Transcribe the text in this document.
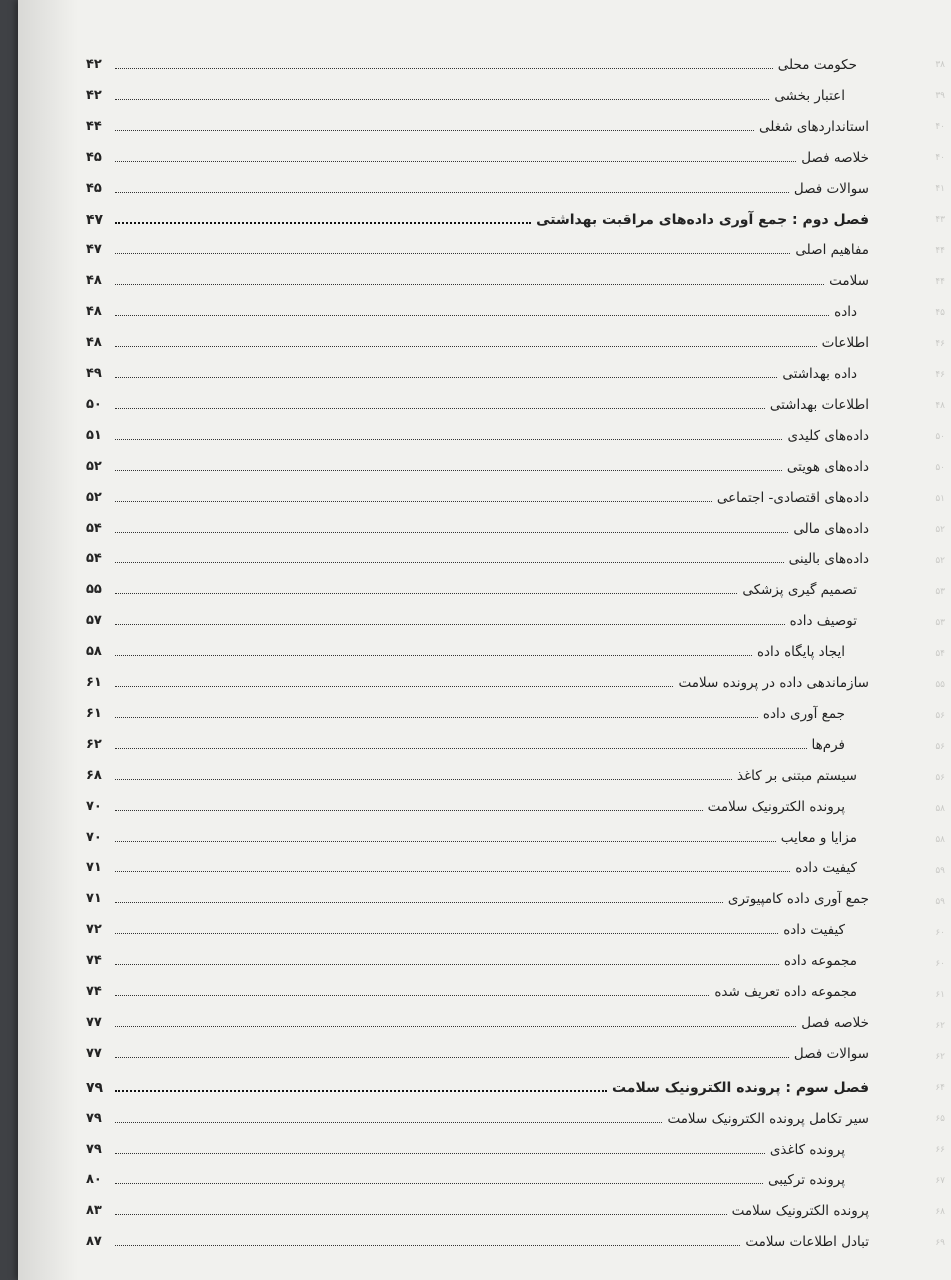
حکومت محلی
۴۲
اعتبار بخشی
۴۲
استانداردهای شغلی
۴۴
خلاصه فصل
۴۵
سوالات فصل
۴۵
فصل دوم : جمع آوری داده‌های مراقبت بهداشتی
۴۷
مفاهیم اصلی
۴۷
سلامت
۴۸
داده
۴۸
اطلاعات
۴۸
داده بهداشتی
۴۹
اطلاعات بهداشتی
۵۰
داده‌های کلیدی
۵۱
داده‌های هویتی
۵۲
داده‌های اقتصادی- اجتماعی
۵۲
داده‌های مالی
۵۴
داده‌های بالینی
۵۴
تصمیم گیری پزشکی
۵۵
توصیف داده
۵۷
ایجاد پایگاه داده
۵۸
سازماندهی داده در پرونده سلامت
۶۱
جمع آوری داده
۶۱
فرم‌ها
۶۲
سیستم مبتنی بر کاغذ
۶۸
پرونده الکترونیک سلامت
۷۰
مزایا و معایب
۷۰
کیفیت داده
۷۱
جمع آوری داده کامپیوتری
۷۱
کیفیت داده
۷۲
مجموعه داده
۷۴
مجموعه داده تعریف شده
۷۴
خلاصه فصل
۷۷
سوالات فصل
۷۷
فصل سوم : پرونده الکترونیک سلامت
۷۹
سیر تکامل پرونده الکترونیک سلامت
۷۹
پرونده کاغذی
۷۹
پرونده ترکیبی
۸۰
پرونده الکترونیک سلامت
۸۳
تبادل اطلاعات سلامت
۸۷
۳۸
۳۹
۴۰
۴۰
۴۱
۴۳
۴۴
۴۴
۴۵
۴۶
۴۶
۴۸
۵۰
۵۰
۵۱
۵۲
۵۲
۵۳
۵۳
۵۴
۵۵
۵۶
۵۶
۵۶
۵۸
۵۸
۵۹
۵۹
۶۰
۶۰
۶۱
۶۲
۶۲
۶۴
۶۵
۶۶
۶۷
۶۸
۶۹
